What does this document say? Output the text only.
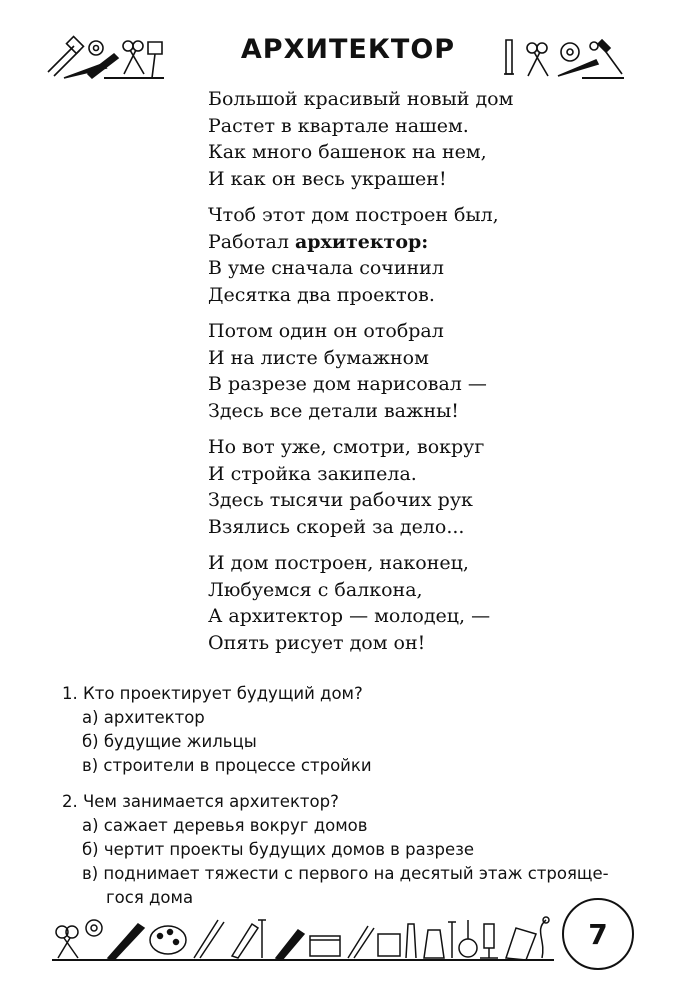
АРХИТЕКТОР
Большой красивый новый дом
Растет в квартале нашем.
Как много башенок на нем,
И как он весь украшен!
Чтоб этот дом построен был,
Работал архитектор:
В уме сначала сочинил
Десятка два проектов.
Потом один он отобрал
И на листе бумажном
В разрезе дом нарисовал —
Здесь все детали важны!
Но вот уже, смотри, вокруг
И стройка закипела.
Здесь тысячи рабочих рук
Взялись скорей за дело...
И дом построен, наконец,
Любуемся с балкона,
А архитектор — молодец, —
Опять рисует дом он!
1. Кто проектирует будущий дом?
а) архитектор
б) будущие жильцы
в) строители в процессе стройки
2. Чем занимается архитектор?
а) сажает деревья вокруг домов
б) чертит проекты будущих домов в разрезе
в) поднимает тяжести с первого на десятый этаж строяще-
гося дома
7
